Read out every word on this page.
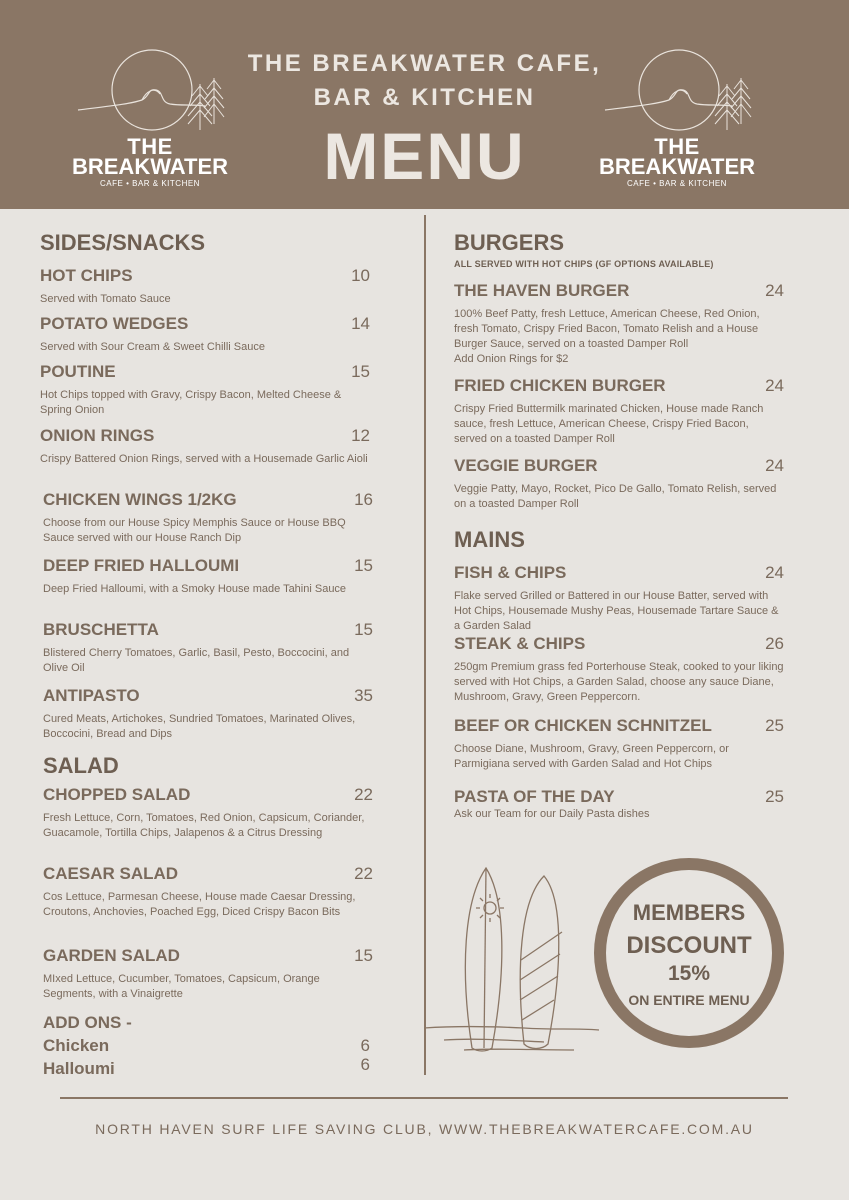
THE
BREAKWATER
CAFE • BAR & KITCHEN
THE BREAKWATER CAFE,
BAR & KITCHEN
MENU	THE
BREAKWATER
CAFE • BAR & KITCHEN
SIDES/SNACKS
HOT CHIPS	10
Served with Tomato Sauce
POTATO WEDGES	14
Served with Sour Cream & Sweet Chilli Sauce
POUTINE	15
Hot Chips topped with Gravy, Crispy Bacon, Melted Cheese & Spring Onion
ONION RINGS	12
Crispy Battered Onion Rings, served with a Housemade Garlic Aioli
CHICKEN WINGS 1/2KG	16
Choose from our House Spicy Memphis Sauce or House BBQ Sauce served with our House Ranch Dip
DEEP FRIED HALLOUMI	15
Deep Fried Halloumi, with a Smoky House made Tahini Sauce
BRUSCHETTA	15
Blistered Cherry Tomatoes, Garlic, Basil, Pesto, Boccocini, and Olive Oil
ANTIPASTO	35
Cured Meats, Artichokes, Sundried Tomatoes, Marinated Olives, Boccocini, Bread and Dips
SALAD
CHOPPED SALAD	22
Fresh Lettuce, Corn, Tomatoes, Red Onion, Capsicum, Coriander, Guacamole, Tortilla Chips, Jalapenos & a Citrus Dressing
CAESAR SALAD	22
Cos Lettuce, Parmesan Cheese, House made Caesar Dressing, Croutons, Anchovies, Poached Egg, Diced Crispy Bacon Bits
GARDEN SALAD	15
MIxed Lettuce, Cucumber, Tomatoes, Capsicum, Orange Segments, with a Vinaigrette
ADD ONS -
Chicken	6
Halloumi	6
BURGERS
ALL SERVED WITH HOT CHIPS (GF OPTIONS AVAILABLE)
THE HAVEN BURGER	24
100% Beef Patty, fresh Lettuce, American Cheese, Red Onion, fresh Tomato, Crispy Fried Bacon, Tomato Relish and a House Burger Sauce, served on a toasted Damper Roll
Add Onion Rings for $2
FRIED CHICKEN BURGER	24
Crispy Fried Buttermilk marinated Chicken, House made Ranch sauce, fresh Lettuce, American Cheese, Crispy Fried Bacon, served on a toasted Damper Roll
VEGGIE BURGER	24
Veggie Patty, Mayo, Rocket, Pico De Gallo, Tomato Relish, served on a toasted Damper Roll
MAINS
FISH & CHIPS	24
Flake served Grilled or Battered in our House Batter, served with Hot Chips, Housemade Mushy Peas, Housemade Tartare Sauce & a Garden Salad
STEAK & CHIPS	26
250gm Premium grass fed Porterhouse Steak, cooked to your liking served with Hot Chips, a Garden Salad, choose any sauce Diane, Mushroom, Gravy, Green Peppercorn.
BEEF OR CHICKEN SCHNITZEL	25
Choose Diane, Mushroom, Gravy, Green Peppercorn, or Parmigiana served with Garden Salad and Hot Chips
PASTA OF THE DAY	25
Ask our Team for our Daily Pasta dishes
MEMBERS
DISCOUNT
15%
ON ENTIRE MENU
NORTH HAVEN SURF LIFE SAVING CLUB, WWW.THEBREAKWATERCAFE.COM.AU
